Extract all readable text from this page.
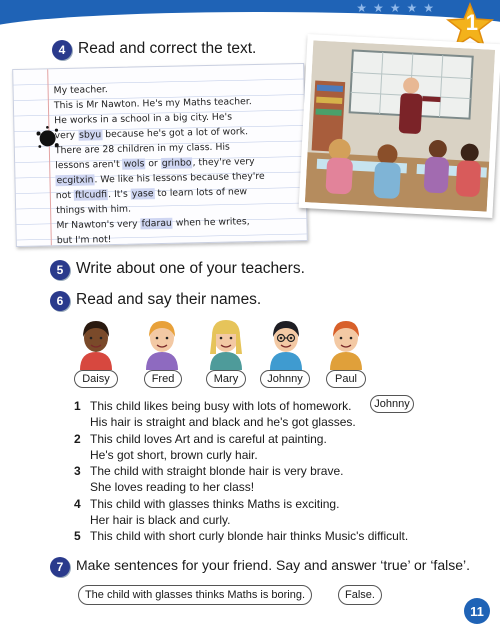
★★★★★
1
4 Read and correct the text.
My teacher.
This is Mr Nawton. He's my Maths teacher.
He works in a school in a big city. He's
very sbyu because he's got a lot of work.
There are 28 children in my class. His
lessons aren't wols or grinbo, they're very
ecgitxin. We like his lessons because they're
not ftlcudfi. It's yase to learn lots of new
things with him.
Mr Nawton's very fdarau when he writes,
but I'm not!
5 Write about one of your teachers.
6 Read and say their names.
Daisy	Fred	Mary	Johnny	Paul
1 This child likes being busy with lots of homework.
His hair is straight and black and he's got glasses.
2 This child loves Art and is careful at painting.
He's got short, brown curly hair.
3 The child with straight blonde hair is very brave.
She loves reading to her class!
4 This child with glasses thinks Maths is exciting.
Her hair is black and curly.
5 This child with short curly blonde hair thinks Music's difficult.
Johnny
7 Make sentences for your friend. Say and answer ‘true’ or ‘false’.
The child with glasses thinks Maths is boring.	False.
11
